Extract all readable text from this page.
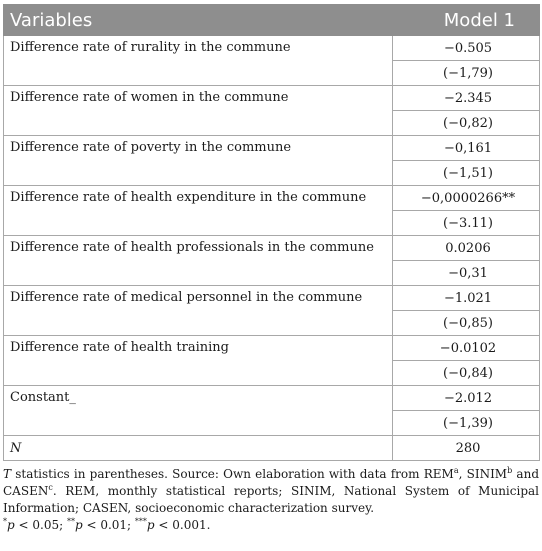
Variables	Model 1
Difference rate of rurality in the commune	−0.505
	(−1,79)
Difference rate of women in the commune	−2.345
	(−0,82)
Difference rate of poverty in the commune	−0,161
	(−1,51)
Difference rate of health expenditure in the commune	−0,0000266**
	(−3.11)
Difference rate of health professionals in the commune	0.0206
	−0,31
Difference rate of medical personnel in the commune	−1.021
	(−0,85)
Difference rate of health training	−0.0102
	(−0,84)
Constant_	−2.012
	(−1,39)
N	280

T statistics in parentheses. Source: Own elaboration with data from REM$^a$, SINIM$^b$ and CASEN$^c$. REM, monthly statistical reports; SINIM, National System of Municipal Information; CASEN, socioeconomic characterization survey.

*p < 0.05; **p < 0.01; ***p < 0.001.
